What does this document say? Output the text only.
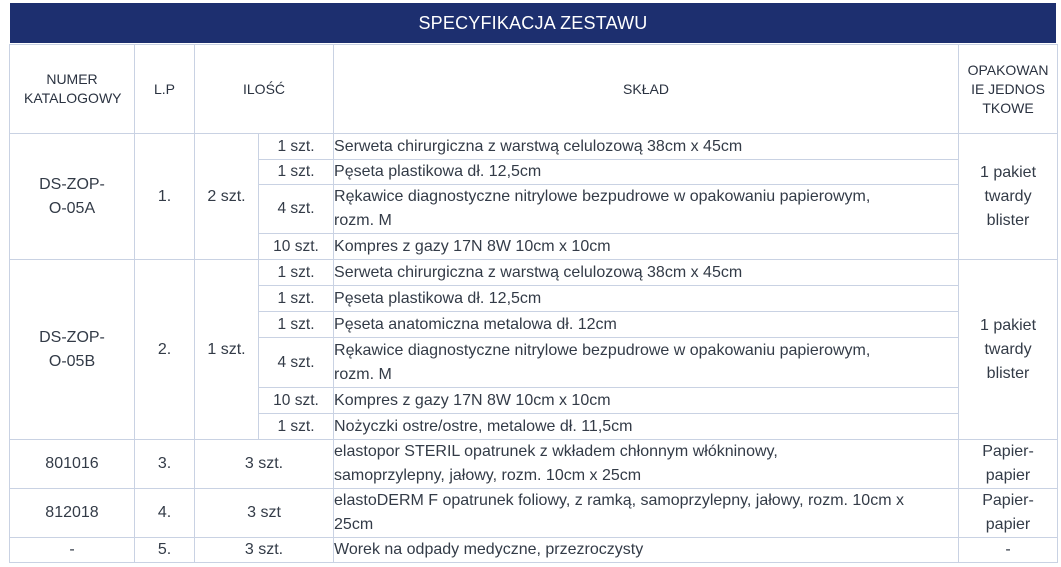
SPECYFIKACJA ZESTAWU
NUMER KATALOGOWY	L.P	ILOŚĆ		SKŁAD	OPAKOWANIE JEDNOSTKOWE
DS-ZOP-O-05A	1.	2 szt.	1 szt.	Serweta chirurgiczna z warstwą celulozową 38cm x 45cm	1 pakiet twardy blister
			1 szt.	Pęseta plastikowa dł. 12,5cm	
			4 szt.	Rękawice diagnostyczne nitrylowe bezpudrowe w opakowaniu papierowym, rozm. M	
			10 szt.	Kompres z gazy 17N 8W 10cm x 10cm	
DS-ZOP-O-05B	2.	1 szt.	1 szt.	Serweta chirurgiczna z warstwą celulozową 38cm x 45cm	1 pakiet twardy blister
			1 szt.	Pęseta plastikowa dł. 12,5cm	
			1 szt.	Pęseta anatomiczna metalowa dł. 12cm	
			4 szt.	Rękawice diagnostyczne nitrylowe bezpudrowe w opakowaniu papierowym, rozm. M	
			10 szt.	Kompres z gazy 17N 8W 10cm x 10cm	
			1 szt.	Nożyczki ostre/ostre, metalowe dł. 11,5cm	
801016	3.	3 szt.		elastopor STERIL opatrunek z wkładem chłonnym włókninowy, samoprzylepny, jałowy, rozm. 10cm x 25cm	Papier-papier
812018	4.	3 szt		elastoDERM F opatrunek foliowy, z ramką, samoprzylepny, jałowy, rozm. 10cm x 25cm	Papier-papier
-	5.	3 szt.		Worek na odpady medyczne, przezroczysty	-
